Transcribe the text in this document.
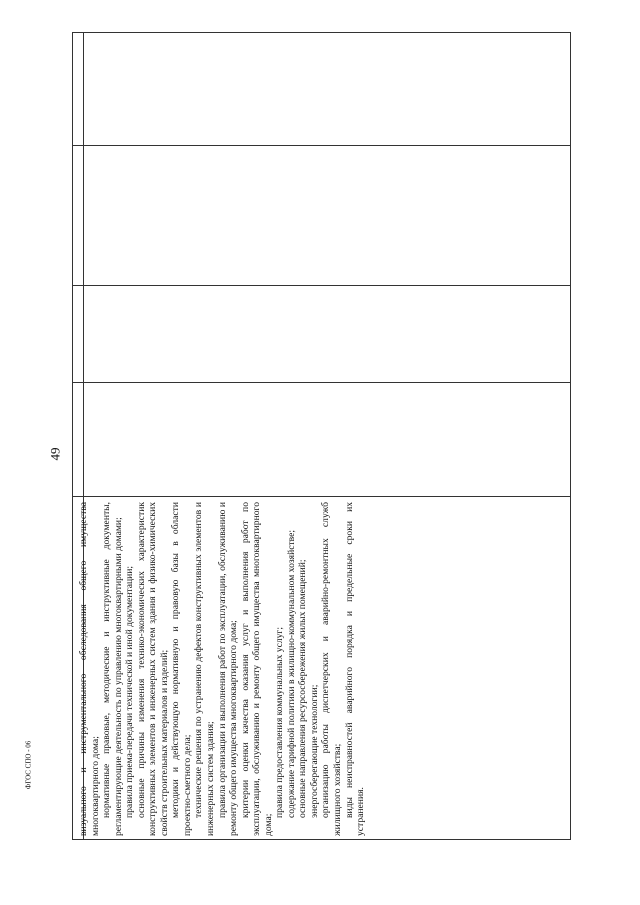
49

визуального и инструментального обследования общего имущества многоквартирного дома; нормативные правовые, методические и инструктивные документы, регламентирующие деятельность по управлению многоквартирными домами; правила приема-передачи технической и иной документации; основные причины изменения технико-экономических характеристик конструктивных элементов и инженерных систем здания и физико-химических свойств строительных материалов и изделий; методики и действующую нормативную и правовую базы в области проектно-сметного дела; технические решения по устранению дефектов конструктивных элементов и инженерных систем здания; правила организации и выполнения работ по эксплуатации, обслуживанию и ремонту общего имущества многоквартирного дома; критерии оценки качества оказания услуг и выполнения работ по эксплуатации, обслуживанию и ремонту общего имущества многоквартирного дома;

правила предоставления коммунальных услуг; содержание тарифной политики в жилищно-коммунальном хозяйстве; основные направления ресурсосбережения жилых помещений; энергосберегающие технологии; организацию работы диспетчерских и аварийно-ремонтных служб жилищного хозяйства; виды неисправностей аварийного порядка и предельные сроки их устранения.

ФГОС СПО - 06
